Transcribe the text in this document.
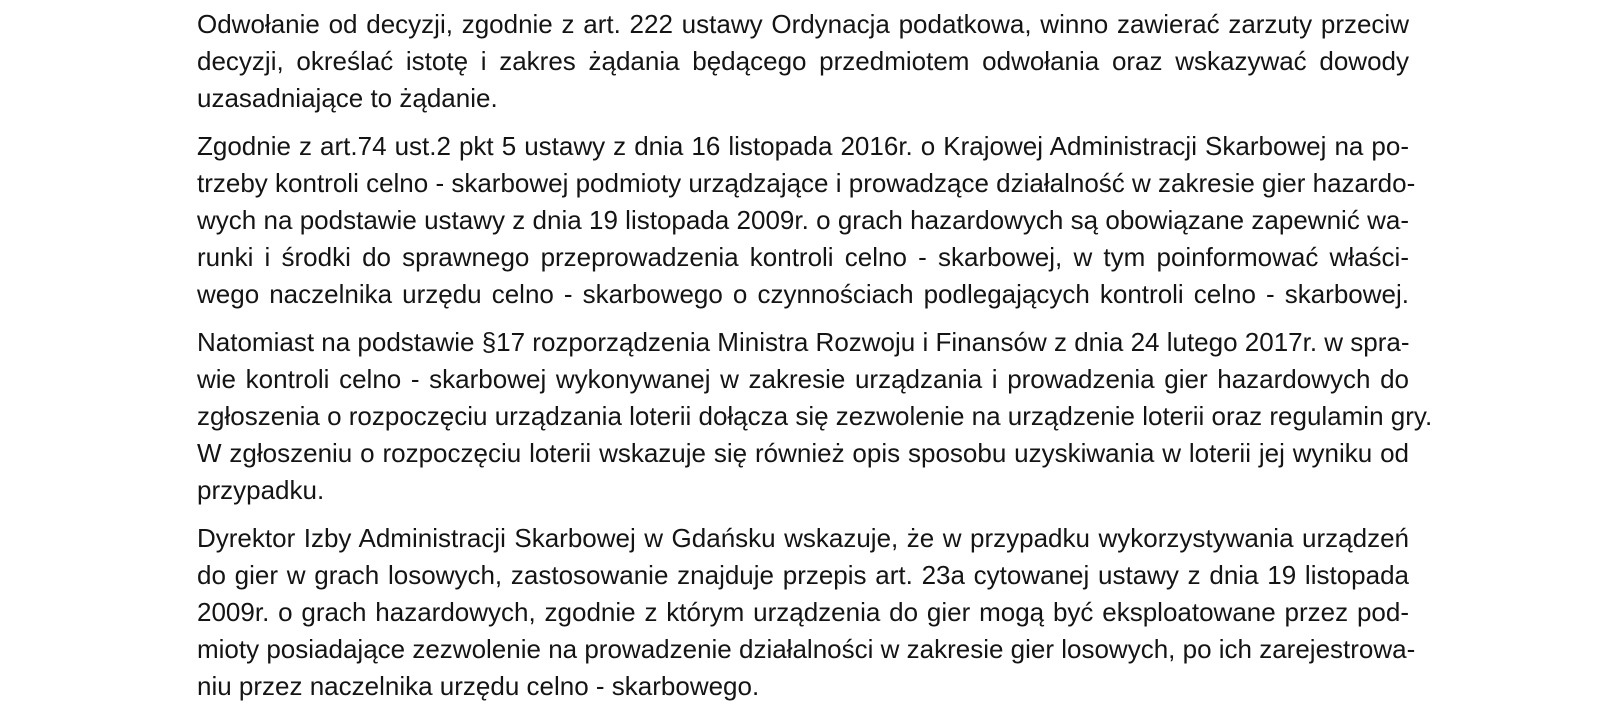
Odwołanie od decyzji, zgodnie z art. 222 ustawy Ordynacja podatkowa, winno zawierać zarzuty przeciw
decyzji, określać istotę i zakres żądania będącego przedmiotem odwołania oraz wskazywać dowody
uzasadniające to żądanie.
Zgodnie z art.74 ust.2 pkt 5 ustawy z dnia 16 listopada 2016r. o Krajowej Administracji Skarbowej na po-
trzeby kontroli celno - skarbowej podmioty urządzające i prowadzące działalność w zakresie gier hazardo-
wych na podstawie ustawy z dnia 19 listopada 2009r. o grach hazardowych są obowiązane zapewnić wa-
runki i środki do sprawnego przeprowadzenia kontroli celno - skarbowej, w tym poinformować właści-
wego naczelnika urzędu celno - skarbowego o czynnościach podlegających kontroli celno - skarbowej.
Natomiast na podstawie §17 rozporządzenia Ministra Rozwoju i Finansów z dnia 24 lutego 2017r. w spra-
wie kontroli celno - skarbowej wykonywanej w zakresie urządzania i prowadzenia gier hazardowych do
zgłoszenia o rozpoczęciu urządzania loterii dołącza się zezwolenie na urządzenie loterii oraz regulamin gry.
W zgłoszeniu o rozpoczęciu loterii wskazuje się również opis sposobu uzyskiwania w loterii jej wyniku od
przypadku.
Dyrektor Izby Administracji Skarbowej w Gdańsku wskazuje, że w przypadku wykorzystywania urządzeń
do gier w grach losowych, zastosowanie znajduje przepis art. 23a cytowanej ustawy z dnia 19 listopada
2009r. o grach hazardowych, zgodnie z którym urządzenia do gier mogą być eksploatowane przez pod-
mioty posiadające zezwolenie na prowadzenie działalności w zakresie gier losowych, po ich zarejestrowa-
niu przez naczelnika urzędu celno - skarbowego.
